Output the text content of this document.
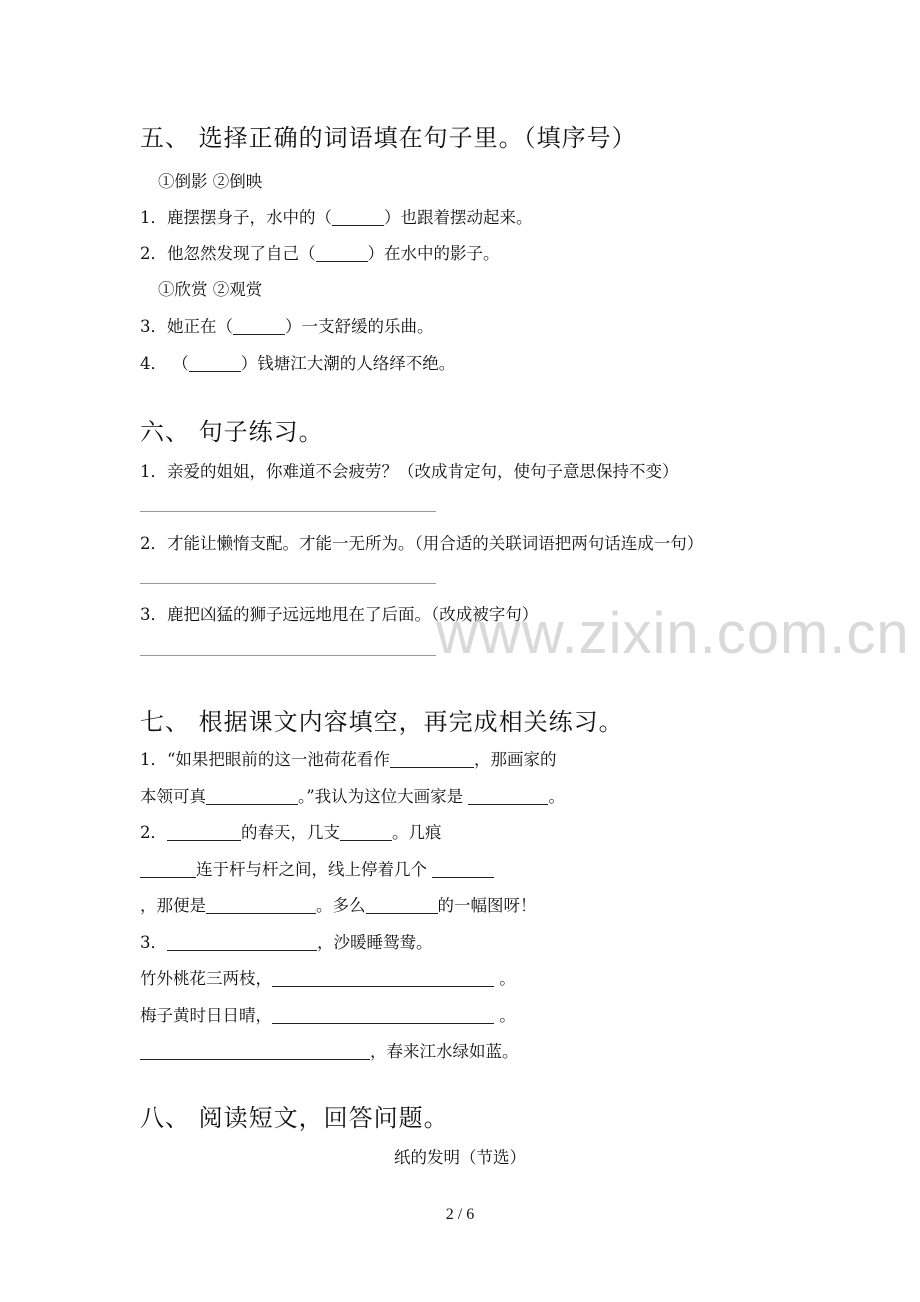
五、 选择正确的词语填在句子里。（填序号）
①倒影 ②倒映
1．鹿摆摆身子，水中的（	）也跟着摆动起来。
2．他忽然发现了自己（	）在水中的影子。
①欣赏 ②观赏
3．她正在（	）一支舒缓的乐曲。
4． （	）钱塘江大潮的人络绎不绝。
六、 句子练习。
1．亲爱的姐姐，你难道不会疲劳？（改成肯定句，使句子意思保持不变）
2．才能让懒惰支配。才能一无所为。（用合适的关联词语把两句话连成一句）
3．鹿把凶猛的狮子远远地甩在了后面。（改成被字句）
www.zixin.com.cn
七、 根据课文内容填空，再完成相关练习。
1．“如果把眼前的这一池荷花看作	，那画家的
本领可真	。”我认为这位大画家是	。
2．	的春天，几支	。几痕
连于杆与杆之间，线上停着几个
，那便是	。多么	的一幅图呀！
3．	，沙暖睡鸳鸯。
竹外桃花三两枝，	。
梅子黄时日日晴，	。
，春来江水绿如蓝。
八、 阅读短文，回答问题。
纸的发明（节选）
2 / 6
